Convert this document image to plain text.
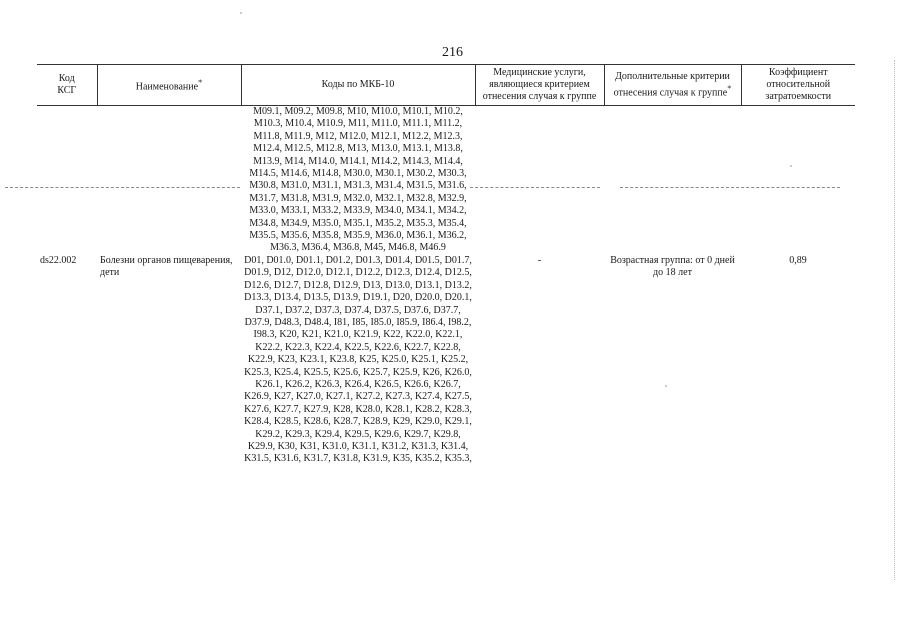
216
Код КСГ	Наименование*	Коды по МКБ-10	Медицинские услуги, являющиеся критерием отнесения случая к группе	Дополнительные критерии отнесения случая к группе*	Коэффициент относительной затратоемкости
		M09.1, M09.2, M09.8, M10, M10.0, M10.1, M10.2, M10.3, M10.4, M10.9, M11, M11.0, M11.1, M11.2, M11.8, M11.9, M12, M12.0, M12.1, M12.2, M12.3, M12.4, M12.5, M12.8, M13, M13.0, M13.1, M13.8, M13.9, M14, M14.0, M14.1, M14.2, M14.3, M14.4, M14.5, M14.6, M14.8, M30.0, M30.1, M30.2, M30.3, M30.8, M31.0, M31.1, M31.3, M31.4, M31.5, M31.6, M31.7, M31.8, M31.9, M32.0, M32.1, M32.8, M32.9, M33.0, M33.1, M33.2, M33.9, M34.0, M34.1, M34.2, M34.8, M34.9, M35.0, M35.1, M35.2, M35.3, M35.4, M35.5, M35.6, M35.8, M35.9, M36.0, M36.1, M36.2, M36.3, M36.4, M36.8, M45, M46.8, M46.9			
ds22.002	Болезни органов пищеварения, дети	D01, D01.0, D01.1, D01.2, D01.3, D01.4, D01.5, D01.7, D01.9, D12, D12.0, D12.1, D12.2, D12.3, D12.4, D12.5, D12.6, D12.7, D12.8, D12.9, D13, D13.0, D13.1, D13.2, D13.3, D13.4, D13.5, D13.9, D19.1, D20, D20.0, D20.1, D37.1, D37.2, D37.3, D37.4, D37.5, D37.6, D37.7, D37.9, D48.3, D48.4, I81, I85, I85.0, I85.9, I86.4, I98.2, I98.3, K20, K21, K21.0, K21.9, K22, K22.0, K22.1, K22.2, K22.3, K22.4, K22.5, K22.6, K22.7, K22.8, K22.9, K23, K23.1, K23.8, K25, K25.0, K25.1, K25.2, K25.3, K25.4, K25.5, K25.6, K25.7, K25.9, K26, K26.0, K26.1, K26.2, K26.3, K26.4, K26.5, K26.6, K26.7, K26.9, K27, K27.0, K27.1, K27.2, K27.3, K27.4, K27.5, K27.6, K27.7, K27.9, K28, K28.0, K28.1, K28.2, K28.3, K28.4, K28.5, K28.6, K28.7, K28.9, K29, K29.0, K29.1, K29.2, K29.3, K29.4, K29.5, K29.6, K29.7, K29.8, K29.9, K30, K31, K31.0, K31.1, K31.2, K31.3, K31.4, K31.5, K31.6, K31.7, K31.8, K31.9, K35, K35.2, K35.3,	-	Возрастная группа: от 0 дней до 18 лет	0,89
